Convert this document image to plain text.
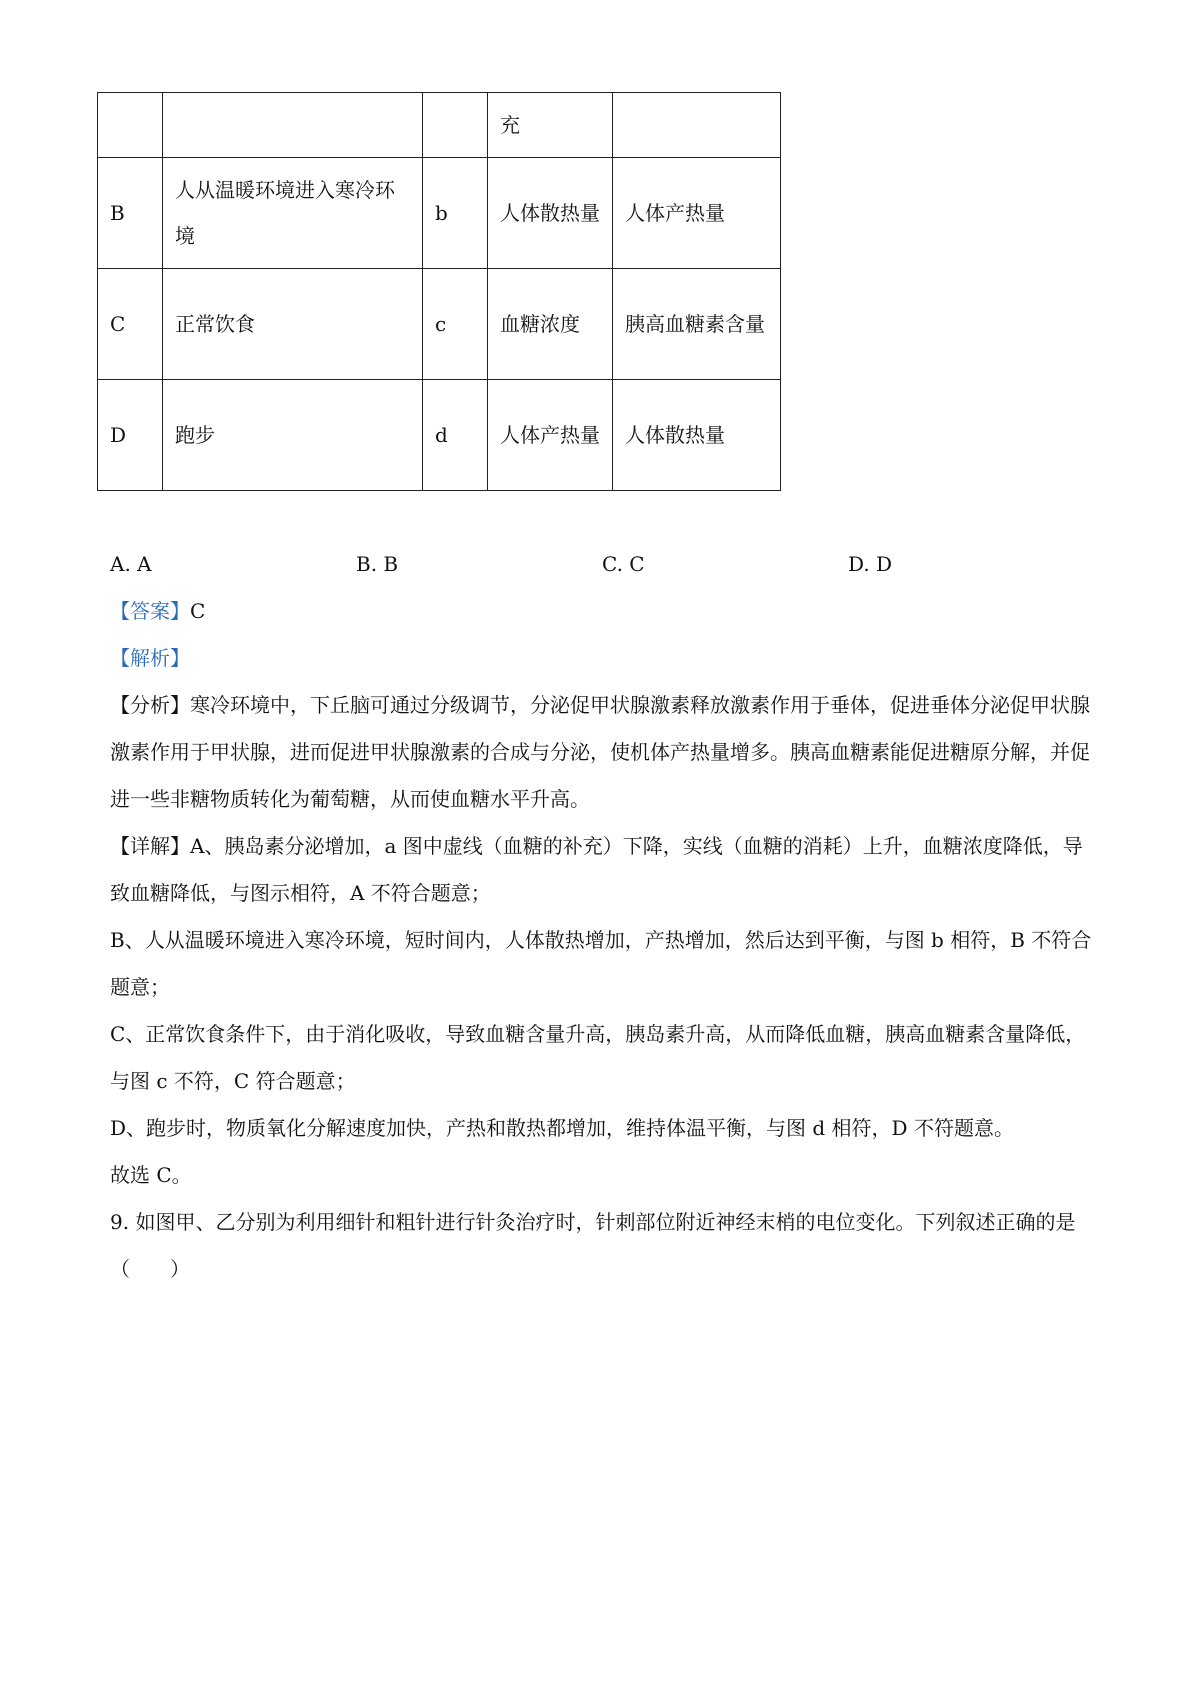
			充	
B	人从温暖环境进入寒冷环境	b	人体散热量	人体产热量
C	正常饮食	c	血糖浓度	胰高血糖素含量
D	跑步	d	人体产热量	人体散热量
A. A	B. B	C. C	D. D

【答案】C

【解析】

【分析】寒冷环境中，下丘脑可通过分级调节，分泌促甲状腺激素释放激素作用于垂体，促进垂体分泌促甲状腺激素作用于甲状腺，进而促进甲状腺激素的合成与分泌，使机体产热量增多。胰高血糖素能促进糖原分解，并促进一些非糖物质转化为葡萄糖，从而使血糖水平升高。

【详解】A、胰岛素分泌增加，a 图中虚线（血糖的补充）下降，实线（血糖的消耗）上升，血糖浓度降低，导致血糖降低，与图示相符，A 不符合题意；

B、人从温暖环境进入寒冷环境，短时间内，人体散热增加，产热增加，然后达到平衡，与图 b 相符，B 不符合题意；

C、正常饮食条件下，由于消化吸收，导致血糖含量升高，胰岛素升高，从而降低血糖，胰高血糖素含量降低，与图 c 不符，C 符合题意；

D、跑步时，物质氧化分解速度加快，产热和散热都增加，维持体温平衡，与图 d 相符，D 不符题意。

故选 C。

9. 如图甲、乙分别为利用细针和粗针进行针灸治疗时，针刺部位附近神经末梢的电位变化。下列叙述正确的是（　　）
